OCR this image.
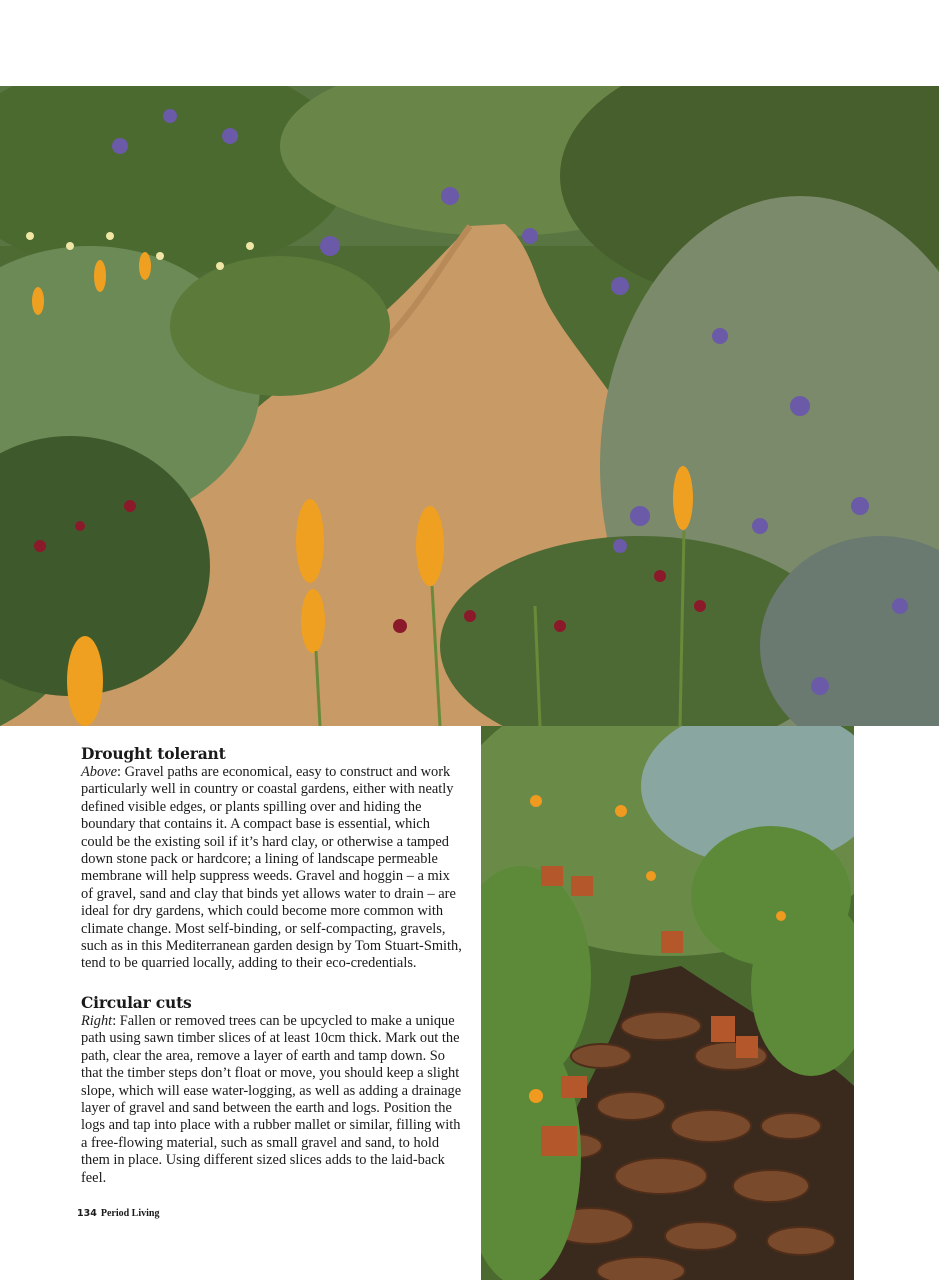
Drought tolerant

Above: Gravel paths are economical, easy to construct and work particularly well in country or coastal gardens, either with neatly defined visible edges, or plants spilling over and hiding the boundary that contains it. A compact base is essential, which could be the existing soil if it’s hard clay, or otherwise a tamped down stone pack or hardcore; a lining of landscape permeable membrane will help suppress weeds. Gravel and hoggin – a mix of gravel, sand and clay that binds yet allows water to drain – are ideal for dry gardens, which could become more common with climate change. Most self-binding, or self-compacting, gravels, such as in this Mediterranean garden design by Tom Stuart-Smith, tend to be quarried locally, adding to their eco-credentials.

Circular cuts

Right: Fallen or removed trees can be upcycled to make a unique path using sawn timber slices of at least 10cm thick. Mark out the path, clear the area, remove a layer of earth and tamp down. So that the timber steps don’t float or move, you should keep a slight slope, which will ease water-logging, as well as adding a drainage layer of gravel and sand between the earth and logs. Position the logs and tap into place with a rubber mallet or similar, filling with a free-flowing material, such as small gravel and sand, to hold them in place. Using different sized slices adds to the laid-back feel.

134 Period Living
